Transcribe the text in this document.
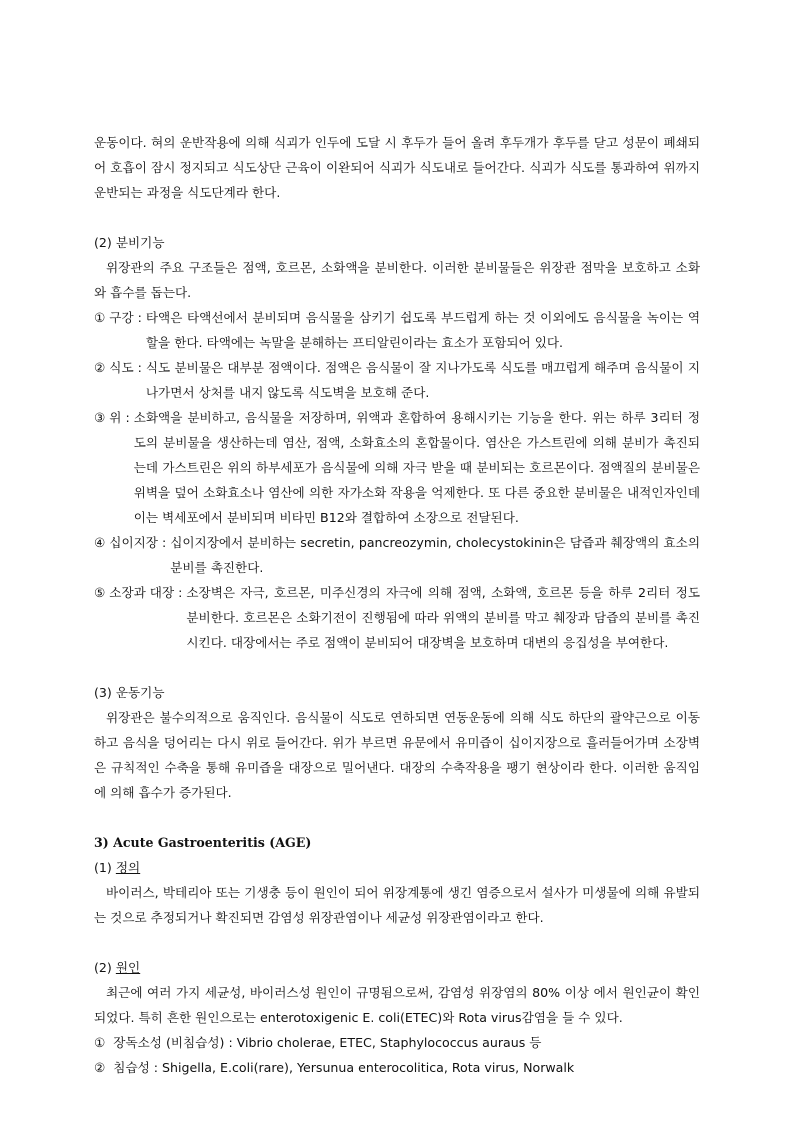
운동이다. 혀의 운반작용에 의해 식괴가 인두에 도달 시 후두가 들어 올려 후두개가 후두를 닫고 성문이 폐쇄되어 호흡이 잠시 정지되고 식도상단 근육이 이완되어 식괴가 식도내로 들어간다. 식괴가 식도를 통과하여 위까지 운반되는 과정을 식도단계라 한다.

(2) 분비기능

위장관의 주요 구조들은 점액, 호르몬, 소화액을 분비한다. 이러한 분비물들은 위장관 점막을 보호하고 소화와 흡수를 돕는다.

① 구강 : 타액은 타액선에서 분비되며 음식물을 삼키기 쉽도록 부드럽게 하는 것 이외에도 음식물을 녹이는 역할을 한다. 타액에는 녹말을 분해하는 프티알린이라는 효소가 포함되어 있다.
② 식도 : 식도 분비물은 대부분 점액이다. 점액은 음식물이 잘 지나가도록 식도를 매끄럽게 해주며 음식물이 지나가면서 상처를 내지 않도록 식도벽을 보호해 준다.
③ 위 : 소화액을 분비하고, 음식물을 저장하며, 위액과 혼합하여 용해시키는 기능을 한다. 위는 하루 3리터 정도의 분비물을 생산하는데 염산, 점액, 소화효소의 혼합물이다. 염산은 가스트린에 의해 분비가 촉진되는데 가스트린은 위의 하부세포가 음식물에 의해 자극 받을 때 분비되는 호르몬이다. 점액질의 분비물은 위벽을 덮어 소화효소나 염산에 의한 자가소화 작용을 억제한다. 또 다른 중요한 분비물은 내적인자인데 이는 벽세포에서 분비되며 비타민 B12와 결합하여 소장으로 전달된다.
④ 십이지장 : 십이지장에서 분비하는 secretin, pancreozymin, cholecystokinin은 담즙과 췌장액의 효소의 분비를 촉진한다.
⑤ 소장과 대장 : 소장벽은 자극, 호르몬, 미주신경의 자극에 의해 점액, 소화액, 호르몬 등을 하루 2리터 정도 분비한다. 호르몬은 소화기전이 진행됨에 따라 위액의 분비를 막고 췌장과 담즙의 분비를 촉진시킨다. 대장에서는 주로 점액이 분비되어 대장벽을 보호하며 대변의 응집성을 부여한다.

(3) 운동기능

위장관은 불수의적으로 움직인다. 음식물이 식도로 연하되면 연동운동에 의해 식도 하단의 괄약근으로 이동하고 음식을 덩어리는 다시 위로 들어간다. 위가 부르면 유문에서 유미즙이 십이지장으로 흘러들어가며 소장벽은 규칙적인 수축을 통해 유미즙을 대장으로 밀어낸다. 대장의 수축작용을 팽기 현상이라 한다. 이러한 움직임에 의해 흡수가 증가된다.

3) Acute Gastroenteritis (AGE)

(1) 정의

바이러스, 박테리아 또는 기생충 등이 원인이 되어 위장계통에 생긴 염증으로서 설사가 미생물에 의해 유발되는 것으로 추정되거나 확진되면 감염성 위장관염이나 세균성 위장관염이라고 한다.

(2) 원인

최근에 여러 가지 세균성, 바이러스성 원인이 규명됨으로써, 감염성 위장염의 80% 이상 에서 원인균이 확인되었다. 특히 흔한 원인으로는 enterotoxigenic E. coli(ETEC)와 Rota virus감염을 들 수 있다.

① 장독소성 (비침습성) : Vibrio cholerae, ETEC, Staphylococcus auraus 등
② 침습성 : Shigella, E.coli(rare), Yersunua enterocolitica, Rota virus, Norwalk
